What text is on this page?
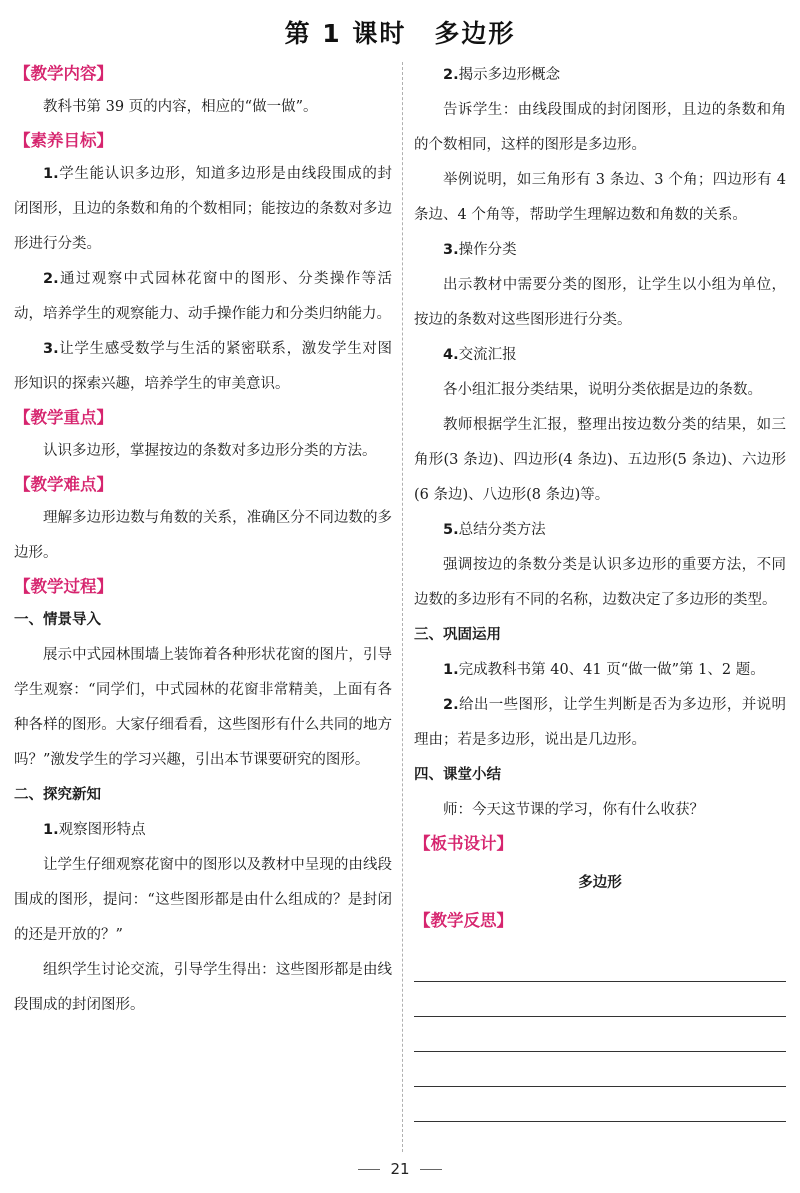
第 1 课时 多边形
【教学内容】
教科书第 39 页的内容，相应的“做一做”。
【素养目标】
1.学生能认识多边形，知道多边形是由线段围成的封闭图形，且边的条数和角的个数相同；能按边的条数对多边形进行分类。
2.通过观察中式园林花窗中的图形、分类操作等活动，培养学生的观察能力、动手操作能力和分类归纳能力。
3.让学生感受数学与生活的紧密联系，激发学生对图形知识的探索兴趣，培养学生的审美意识。
【教学重点】
认识多边形，掌握按边的条数对多边形分类的方法。
【教学难点】
理解多边形边数与角数的关系，准确区分不同边数的多边形。
【教学过程】
一、情景导入
展示中式园林围墙上装饰着各种形状花窗的图片，引导学生观察：“同学们，中式园林的花窗非常精美，上面有各种各样的图形。大家仔细看看，这些图形有什么共同的地方吗？”激发学生的学习兴趣，引出本节课要研究的图形。
二、探究新知
1.观察图形特点
让学生仔细观察花窗中的图形以及教材中呈现的由线段围成的图形，提问：“这些图形都是由什么组成的？是封闭的还是开放的？”
组织学生讨论交流，引导学生得出：这些图形都是由线段围成的封闭图形。
2.揭示多边形概念
告诉学生：由线段围成的封闭图形，且边的条数和角的个数相同，这样的图形是多边形。
举例说明，如三角形有 3 条边、3 个角；四边形有 4 条边、4 个角等，帮助学生理解边数和角数的关系。
3.操作分类
出示教材中需要分类的图形，让学生以小组为单位，按边的条数对这些图形进行分类。
4.交流汇报
各小组汇报分类结果，说明分类依据是边的条数。
教师根据学生汇报，整理出按边数分类的结果，如三角形(3 条边)、四边形(4 条边)、五边形(5 条边)、六边形(6 条边)、八边形(8 条边)等。
5.总结分类方法
强调按边的条数分类是认识多边形的重要方法，不同边数的多边形有不同的名称，边数决定了多边形的类型。
三、巩固运用
1.完成教科书第 40、41 页“做一做”第 1、2 题。
2.给出一些图形，让学生判断是否为多边形，并说明理由；若是多边形，说出是几边形。
四、课堂小结
师：今天这节课的学习，你有什么收获？
【板书设计】
多边形
【教学反思】
21
